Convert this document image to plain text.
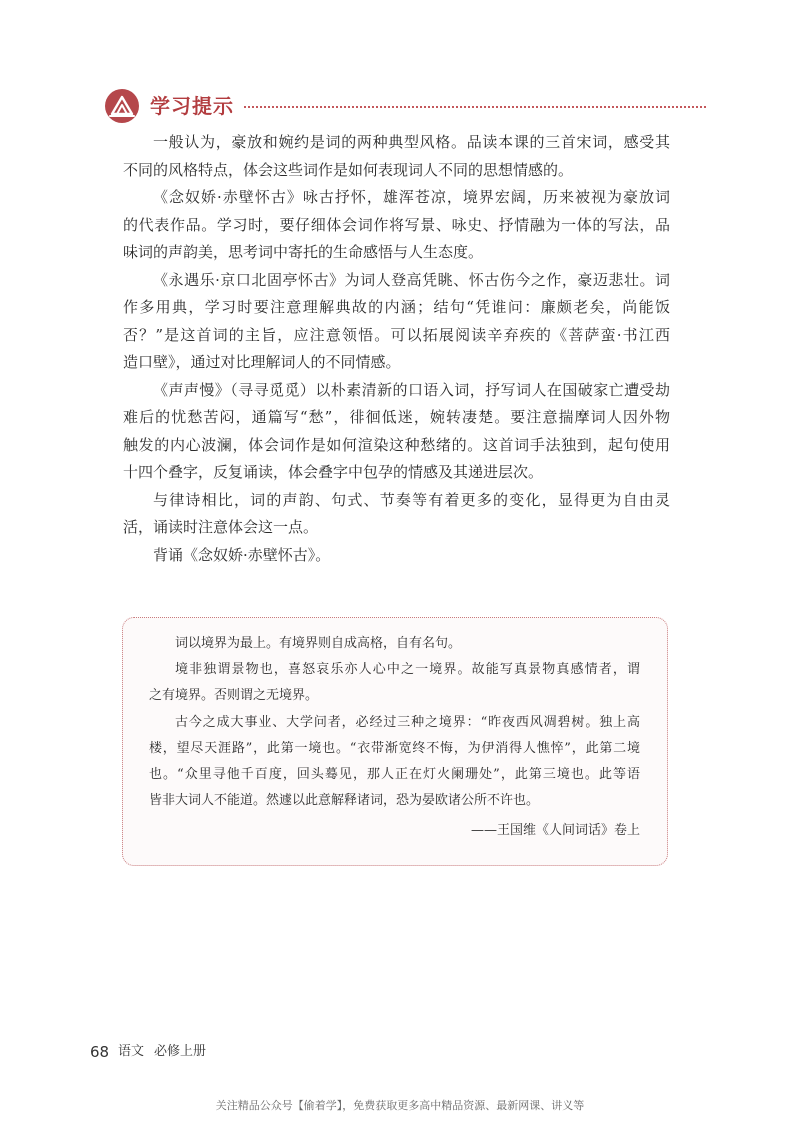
学习提示
一般认为，豪放和婉约是词的两种典型风格。品读本课的三首宋词，感受其
不同的风格特点，体会这些词作是如何表现词人不同的思想情感的。
《念奴娇·赤壁怀古》咏古抒怀，雄浑苍凉，境界宏阔，历来被视为豪放词
的代表作品。学习时，要仔细体会词作将写景、咏史、抒情融为一体的写法，品
味词的声韵美，思考词中寄托的生命感悟与人生态度。
《永遇乐·京口北固亭怀古》为词人登高凭眺、怀古伤今之作，豪迈悲壮。词
作多用典，学习时要注意理解典故的内涵；结句“凭谁问：廉颇老矣，尚能饭
否？”是这首词的主旨，应注意领悟。可以拓展阅读辛弃疾的《菩萨蛮·书江西
造口壁》，通过对比理解词人的不同情感。
《声声慢》（寻寻觅觅）以朴素清新的口语入词，抒写词人在国破家亡遭受劫
难后的忧愁苦闷，通篇写“愁”，徘徊低迷，婉转凄楚。要注意揣摩词人因外物
触发的内心波澜，体会词作是如何渲染这种愁绪的。这首词手法独到，起句使用
十四个叠字，反复诵读，体会叠字中包孕的情感及其递进层次。
与律诗相比，词的声韵、句式、节奏等有着更多的变化，显得更为自由灵
活，诵读时注意体会这一点。
背诵《念奴娇·赤壁怀古》。
词以境界为最上。有境界则自成高格，自有名句。
境非独谓景物也，喜怒哀乐亦人心中之一境界。故能写真景物真感情者，谓
之有境界。否则谓之无境界。
古今之成大事业、大学问者，必经过三种之境界：“昨夜西风凋碧树。独上高
楼，望尽天涯路”，此第一境也。“衣带渐宽终不悔，为伊消得人憔悴”，此第二境
也。“众里寻他千百度，回头蓦见，那人正在灯火阑珊处”，此第三境也。此等语
皆非大词人不能道。然遽以此意解释诸词，恐为晏欧诸公所不许也。
——王国维《人间词话》卷上
68 语文 必修上册
关注精品公众号【偷着学】，免费获取更多高中精品资源、最新网课、讲义等
